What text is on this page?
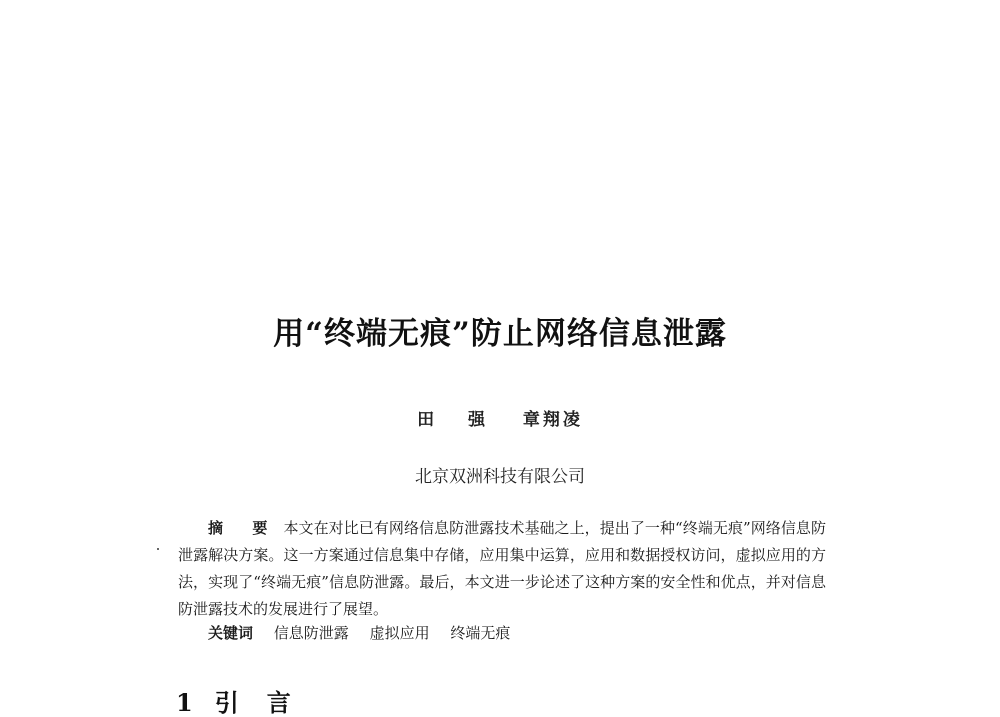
用“终端无痕”防止网络信息泄露
田 强 章翔凌
北京双洲科技有限公司
摘 要 本文在对比已有网络信息防泄露技术基础之上，提出了一种“终端无痕”网络信息防泄露解决方案。这一方案通过信息集中存储，应用集中运算，应用和数据授权访问，虚拟应用的方法，实现了“终端无痕”信息防泄露。最后，本文进一步论述了这种方案的安全性和优点，并对信息防泄露技术的发展进行了展望。
关键词 信息防泄露 虚拟应用 终端无痕
1 引言
